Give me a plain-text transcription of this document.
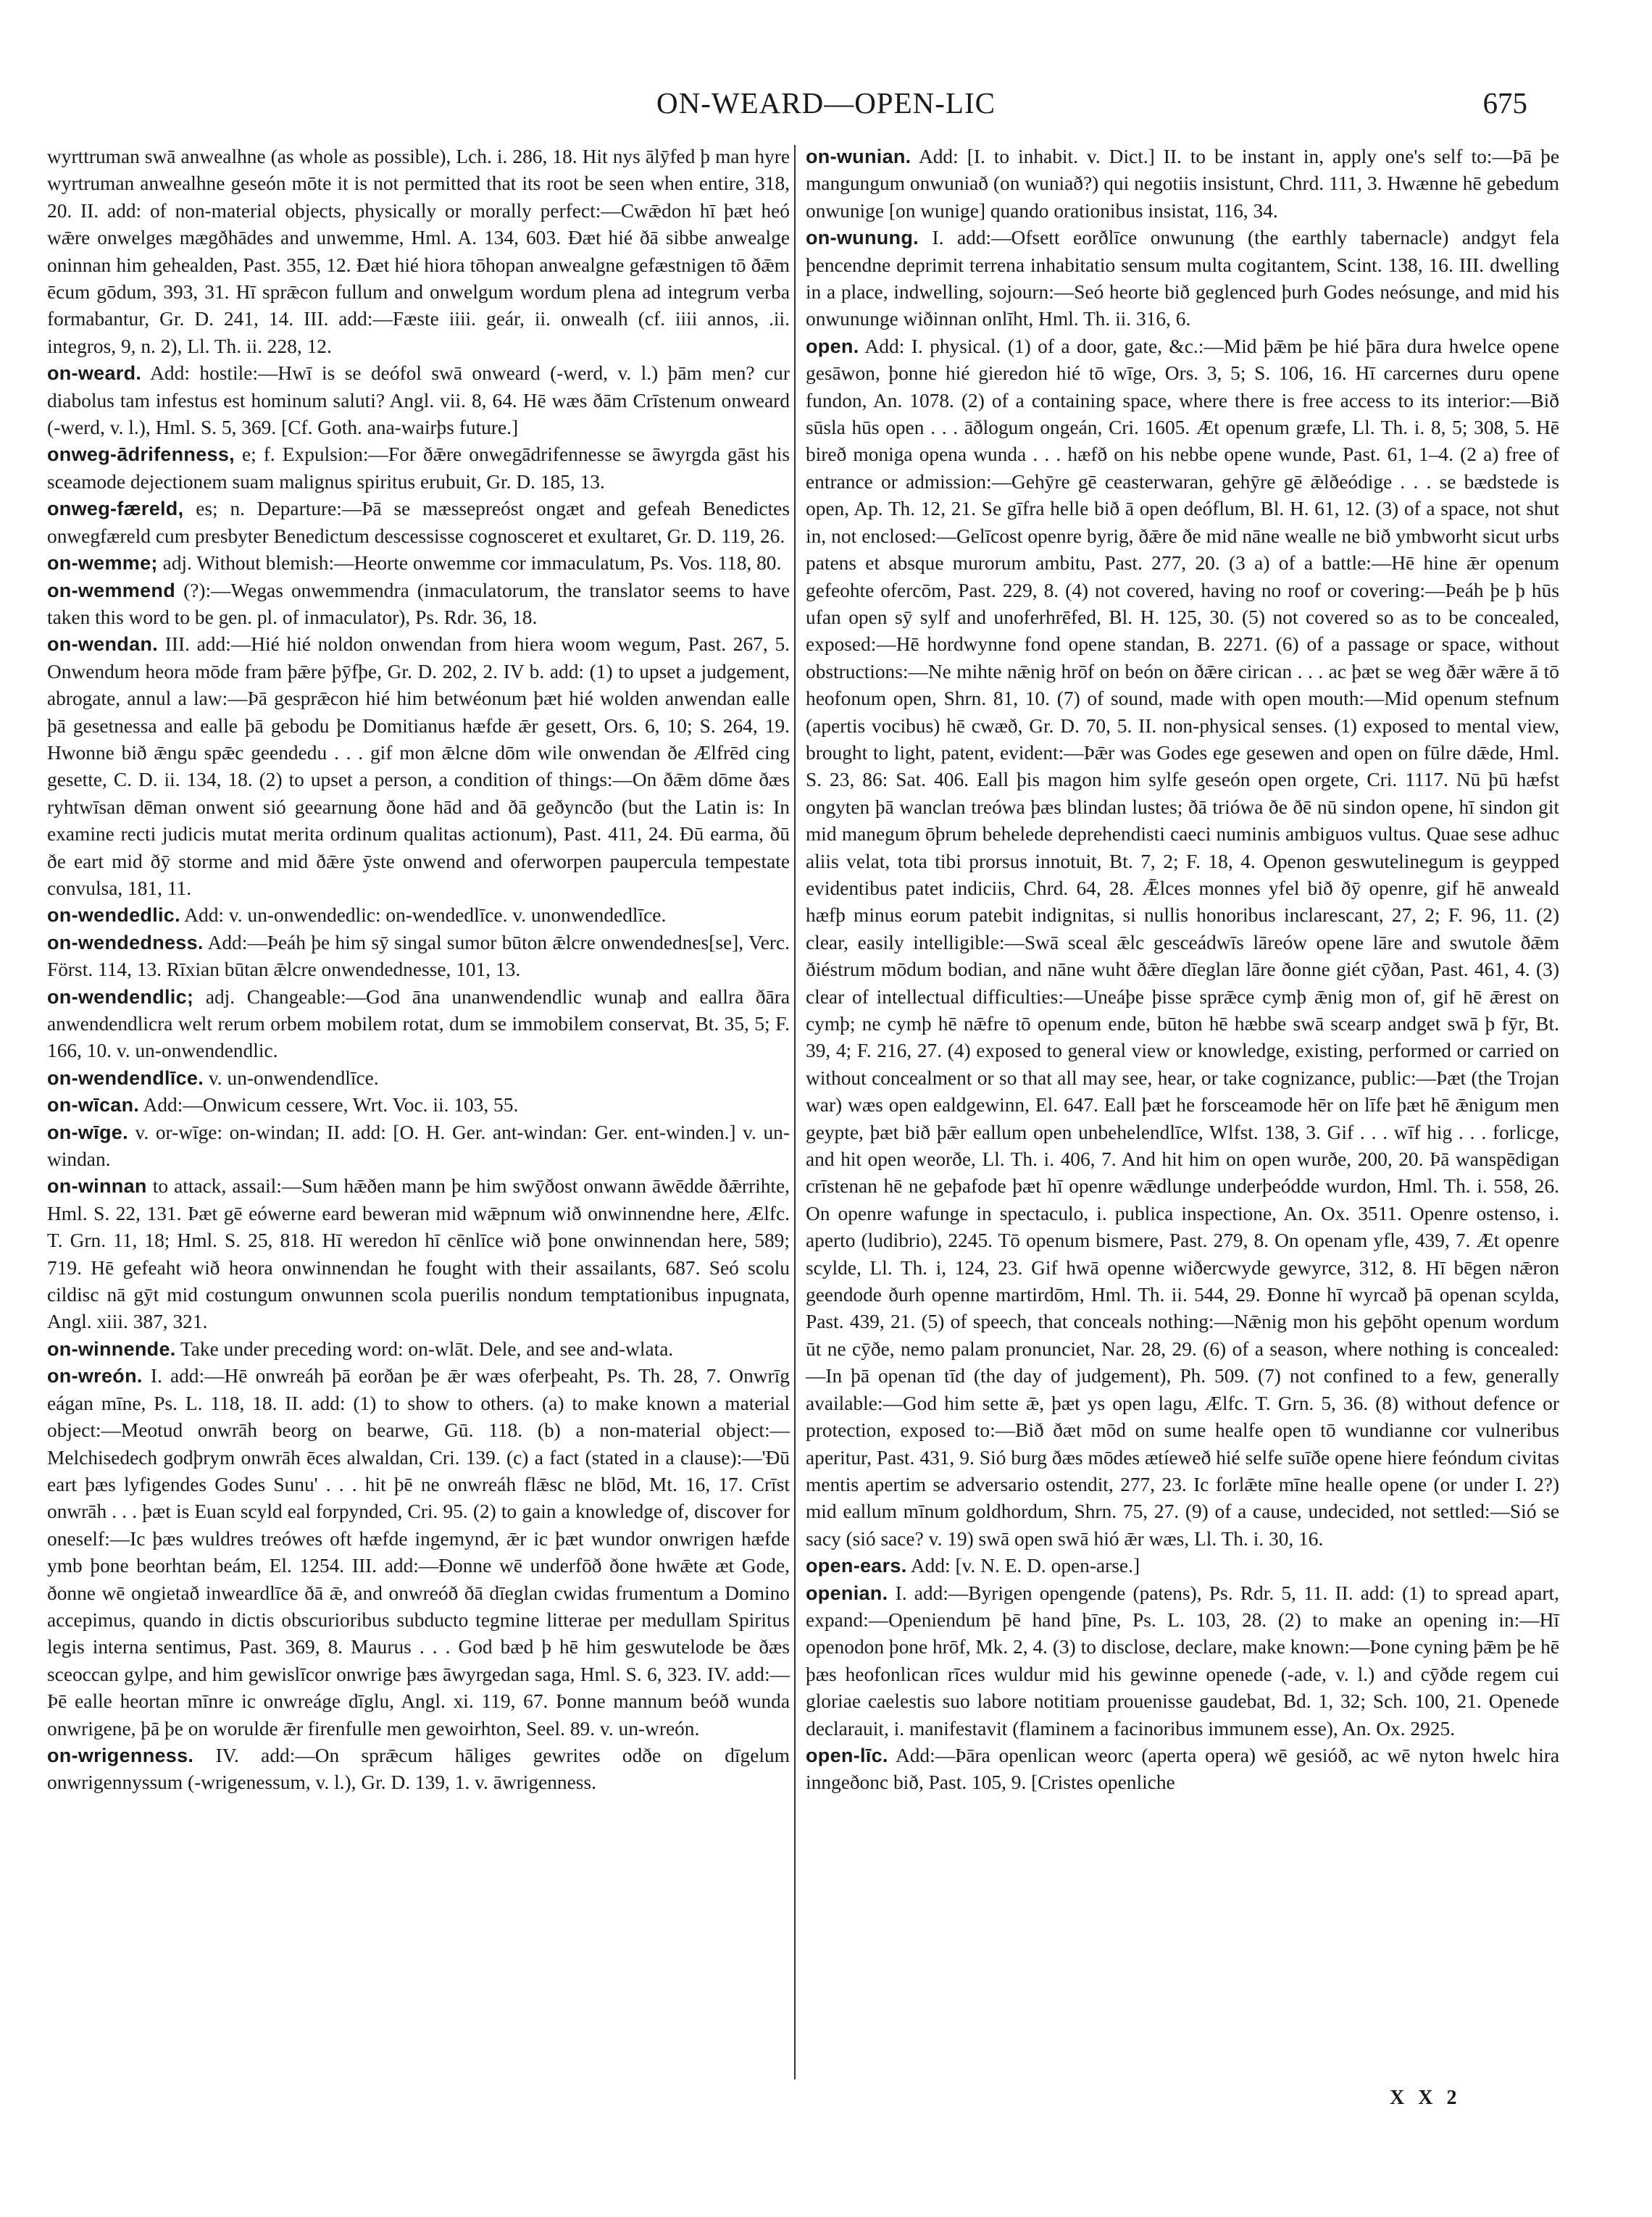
ON-WEARD—OPEN-LIC	675

wyrttruman swā anwealhne (as whole as possible), Lch. i. 286, 18. Hit nys ālȳfed þ man hyre wyrtruman anwealhne geseón mōte it is not permitted that its root be seen when entire, 318, 20. II. add: of non-material objects, physically or morally perfect:—Cwǣdon hī þæt heó wǣre onwelges mægðhādes and unwemme, Hml. A. 134, 603. Ðæt hié ðā sibbe anwealge oninnan him gehealden, Past. 355, 12. Ðæt hié hiora tōhopan anwealgne gefæstnigen tō ðǣm ēcum gōdum, 393, 31. Hī sprǣcon fullum and onwelgum wordum plena ad integrum verba formabantur, Gr. D. 241, 14. III. add:—Fæste iiii. geár, ii. onwealh (cf. iiii annos, .ii. integros, 9, n. 2), Ll. Th. ii. 228, 12.

on-weard. Add: hostile:—Hwī is se deófol swā onweard (-werd, v. l.) þām men? cur diabolus tam infestus est hominum saluti? Angl. vii. 8, 64. Hē wæs ðām Crīstenum onweard (-werd, v. l.), Hml. S. 5, 369. [Cf. Goth. ana-wairþs future.]

onweg-ādrifenness, e; f. Expulsion:—For ðǣre onwegādrifennesse se āwyrgda gāst his sceamode dejectionem suam malignus spiritus erubuit, Gr. D. 185, 13.

onweg-færeld, es; n. Departure:—Þā se mæssepreóst ongæt and gefeah Benedictes onwegfæreld cum presbyter Benedictum descessisse cognosceret et exultaret, Gr. D. 119, 26.

on-wemme; adj. Without blemish:—Heorte onwemme cor immaculatum, Ps. Vos. 118, 80.

on-wemmend (?):—Wegas onwemmendra (inmaculatorum, the translator seems to have taken this word to be gen. pl. of inmaculator), Ps. Rdr. 36, 18.

on-wendan. III. add:—Hié hié noldon onwendan from hiera woom wegum, Past. 267, 5. Onwendum heora mōde fram þǣre þȳfþe, Gr. D. 202, 2. IV b. add: (1) to upset a judgement, abrogate, annul a law:—Þā gesprǣcon hié him betwéonum þæt hié wolden anwendan ealle þā gesetnessa and ealle þā gebodu þe Domitianus hæfde ǣr gesett, Ors. 6, 10; S. 264, 19. Hwonne bið ǣngu spǣc geendedu . . . gif mon ǣlcne dōm wile onwendan ðe Ælfrēd cing gesette, C. D. ii. 134, 18. (2) to upset a person, a condition of things:—On ðǣm dōme ðæs ryhtwīsan dēman onwent sió geearnung ðone hād and ðā geðyncðo (but the Latin is: In examine recti judicis mutat merita ordinum qualitas actionum), Past. 411, 24. Ðū earma, ðū ðe eart mid ðȳ storme and mid ðǣre ȳste onwend and oferworpen paupercula tempestate convulsa, 181, 11.

on-wendedlic. Add: v. un-onwendedlic: on-wendedlīce. v. unonwendedlīce.

on-wendedness. Add:—Þeáh þe him sȳ singal sumor būton ǣlcre onwendednes[se], Verc. Först. 114, 13. Rīxian būtan ǣlcre onwendednesse, 101, 13.

on-wendendlic; adj. Changeable:—God āna unanwendendlic wunaþ and eallra ðāra anwendendlicra welt rerum orbem mobilem rotat, dum se immobilem conservat, Bt. 35, 5; F. 166, 10. v. un-onwendendlic.

on-wendendlīce. v. un-onwendendlīce.

on-wīcan. Add:—Onwicum cessere, Wrt. Voc. ii. 103, 55.

on-wīge. v. or-wīge: on-windan; II. add: [O. H. Ger. ant-windan: Ger. ent-winden.] v. un-windan.

on-winnan to attack, assail:—Sum hǣðen mann þe him swȳðost onwann āwēdde ðǣrrihte, Hml. S. 22, 131. Þæt gē eówerne eard beweran mid wǣpnum wið onwinnendne here, Ælfc. T. Grn. 11, 18; Hml. S. 25, 818. Hī weredon hī cēnlīce wið þone onwinnendan here, 589; 719. Hē gefeaht wið heora onwinnendan he fought with their assailants, 687. Seó scolu cildisc nā gȳt mid costungum onwunnen scola puerilis nondum temptationibus inpugnata, Angl. xiii. 387, 321.

on-winnende. Take under preceding word: on-wlāt. Dele, and see and-wlata.

on-wreón. I. add:—Hē onwreáh þā eorðan þe ǣr wæs oferþeaht, Ps. Th. 28, 7. Onwrīg eágan mīne, Ps. L. 118, 18. II. add: (1) to show to others. (a) to make known a material object:—Meotud onwrāh beorg on bearwe, Gū. 118. (b) a non-material object:—Melchisedech godþrym onwrāh ēces alwaldan, Cri. 139. (c) a fact (stated in a clause):—'Ðū eart þæs lyfigendes Godes Sunu' . . . hit þē ne onwreáh flǣsc ne blōd, Mt. 16, 17. Crīst onwrāh . . . þæt is Euan scyld eal forpynded, Cri. 95. (2) to gain a knowledge of, discover for oneself:—Ic þæs wuldres treówes oft hæfde ingemynd, ǣr ic þæt wundor onwrigen hæfde ymb þone beorhtan beám, El. 1254. III. add:—Ðonne wē underfōð ðone hwǣte æt Gode, ðonne wē ongietað inweardlīce ðā ǣ, and onwreóð ðā dīeglan cwidas frumentum a Domino accepimus, quando in dictis obscurioribus subducto tegmine litterae per medullam Spiritus legis interna sentimus, Past. 369, 8. Maurus . . . God bæd þ hē him geswutelode be ðæs sceoccan gylpe, and him gewislīcor onwrige þæs āwyrgedan saga, Hml. S. 6, 323. IV. add:—Þē ealle heortan mīnre ic onwreáge dīglu, Angl. xi. 119, 67. Þonne mannum beóð wunda onwrigene, þā þe on worulde ǣr firenfulle men gewoirhton, Seel. 89. v. un-wreón.

on-wrigenness. IV. add:—On sprǣcum hāliges gewrites odðe on dīgelum onwrigennyssum (-wrigenessum, v. l.), Gr. D. 139, 1. v. āwrigenness.

on-wunian. Add: [I. to inhabit. v. Dict.] II. to be instant in, apply one's self to:—Þā þe mangungum onwuniað (on wuniað?) qui negotiis insistunt, Chrd. 111, 3. Hwænne hē gebedum onwunige [on wunige] quando orationibus insistat, 116, 34.

on-wunung. I. add:—Ofsett eorðlīce onwunung (the earthly tabernacle) andgyt fela þencendne deprimit terrena inhabitatio sensum multa cogitantem, Scint. 138, 16. III. dwelling in a place, indwelling, sojourn:—Seó heorte bið geglenced þurh Godes neósunge, and mid his onwununge wiðinnan onlīht, Hml. Th. ii. 316, 6.

open. Add: I. physical. (1) of a door, gate, &c.:—Mid þǣm þe hié þāra dura hwelce opene gesāwon, þonne hié gieredon hié tō wīge, Ors. 3, 5; S. 106, 16. Hī carcernes duru opene fundon, An. 1078. (2) of a containing space, where there is free access to its interior:—Bið sūsla hūs open . . . āðlogum ongeán, Cri. 1605. Æt openum græfe, Ll. Th. i. 8, 5; 308, 5. Hē bireð moniga opena wunda . . . hæfð on his nebbe opene wunde, Past. 61, 1–4. (2 a) free of entrance or admission:—Gehȳre gē ceasterwaran, gehȳre gē ǣlðeódige . . . se bædstede is open, Ap. Th. 12, 21. Se gīfra helle bið ā open deóflum, Bl. H. 61, 12. (3) of a space, not shut in, not enclosed:—Gelīcost openre byrig, ðǣre ðe mid nāne wealle ne bið ymbworht sicut urbs patens et absque murorum ambitu, Past. 277, 20. (3 a) of a battle:—Hē hine ǣr openum gefeohte ofercōm, Past. 229, 8. (4) not covered, having no roof or covering:—Þeáh þe þ hūs ufan open sȳ sylf and unoferhrēfed, Bl. H. 125, 30. (5) not covered so as to be concealed, exposed:—Hē hordwynne fond opene standan, B. 2271. (6) of a passage or space, without obstructions:—Ne mihte nǣnig hrōf on beón on ðǣre cirican . . . ac þæt se weg ðǣr wǣre ā tō heofonum open, Shrn. 81, 10. (7) of sound, made with open mouth:—Mid openum stefnum (apertis vocibus) hē cwæð, Gr. D. 70, 5. II. non-physical senses. (1) exposed to mental view, brought to light, patent, evident:—Þǣr was Godes ege gesewen and open on fūlre dǣde, Hml. S. 23, 86: Sat. 406. Eall þis magon him sylfe geseón open orgete, Cri. 1117. Nū þū hæfst ongyten þā wanclan treówa þæs blindan lustes; ðā triówa ðe ðē nū sindon opene, hī sindon git mid manegum ōþrum behelede deprehendisti caeci numinis ambiguos vultus. Quae sese adhuc aliis velat, tota tibi prorsus innotuit, Bt. 7, 2; F. 18, 4. Openon geswutelinegum is geypped evidentibus patet indiciis, Chrd. 64, 28. Ǣlces monnes yfel bið ðȳ openre, gif hē anweald hæfþ minus eorum patebit indignitas, si nullis honoribus inclarescant, 27, 2; F. 96, 11. (2) clear, easily intelligible:—Swā sceal ǣlc gesceádwīs lāreów opene lāre and swutole ðǣm ðiéstrum mōdum bodian, and nāne wuht ðǣre dīeglan lāre ðonne giét cȳðan, Past. 461, 4. (3) clear of intellectual difficulties:—Uneáþe þisse sprǣce cymþ ǣnig mon of, gif hē ǣrest on cymþ; ne cymþ hē nǣfre tō openum ende, būton hē hæbbe swā scearp andget swā þ fȳr, Bt. 39, 4; F. 216, 27. (4) exposed to general view or knowledge, existing, performed or carried on without concealment or so that all may see, hear, or take cognizance, public:—Þæt (the Trojan war) wæs open ealdgewinn, El. 647. Eall þæt he forsceamode hēr on līfe þæt hē ǣnigum men geypte, þæt bið þǣr eallum open unbehelendlīce, Wlfst. 138, 3. Gif . . . wīf hig . . . forlicge, and hit open weorðe, Ll. Th. i. 406, 7. And hit him on open wurðe, 200, 20. Þā wanspēdigan crīstenan hē ne geþafode þæt hī openre wǣdlunge underþeódde wurdon, Hml. Th. i. 558, 26. On openre wafunge in spectaculo, i. publica inspectione, An. Ox. 3511. Openre ostenso, i. aperto (ludibrio), 2245. Tō openum bismere, Past. 279, 8. On openam yfle, 439, 7. Æt openre scylde, Ll. Th. i, 124, 23. Gif hwā openne wiðercwyde gewyrce, 312, 8. Hī bēgen nǣron geendode ðurh openne martirdōm, Hml. Th. ii. 544, 29. Ðonne hī wyrcað þā openan scylda, Past. 439, 21. (5) of speech, that conceals nothing:—Nǣnig mon his geþōht openum wordum ūt ne cȳðe, nemo palam pronunciet, Nar. 28, 29. (6) of a season, where nothing is concealed:—In þā openan tīd (the day of judgement), Ph. 509. (7) not confined to a few, generally available:—God him sette ǣ, þæt ys open lagu, Ælfc. T. Grn. 5, 36. (8) without defence or protection, exposed to:—Bið ðæt mōd on sume healfe open tō wundianne cor vulneribus aperitur, Past. 431, 9. Sió burg ðæs mōdes ætíeweð hié selfe suīðe opene hiere feóndum civitas mentis apertim se adversario ostendit, 277, 23. Ic forlǣte mīne healle opene (or under I. 2?) mid eallum mīnum goldhordum, Shrn. 75, 27. (9) of a cause, undecided, not settled:—Sió se sacy (sió sace? v. 19) swā open swā hió ǣr wæs, Ll. Th. i. 30, 16.

open-ears. Add: [v. N. E. D. open-arse.]

openian. I. add:—Byrigen opengende (patens), Ps. Rdr. 5, 11. II. add: (1) to spread apart, expand:—Openiendum þē hand þīne, Ps. L. 103, 28. (2) to make an opening in:—Hī openodon þone hrōf, Mk. 2, 4. (3) to disclose, declare, make known:—Þone cyning þǣm þe hē þæs heofonlican rīces wuldur mid his gewinne openede (-ade, v. l.) and cȳðde regem cui gloriae caelestis suo labore notitiam prouenisse gaudebat, Bd. 1, 32; Sch. 100, 21. Openede declarauit, i. manifestavit (flaminem a facinoribus immunem esse), An. Ox. 2925.

open-līc. Add:—Þāra openlican weorc (aperta opera) wē gesióð, ac wē nyton hwelc hira inngeðonc bið, Past. 105, 9. [Cristes openliche

X X 2
